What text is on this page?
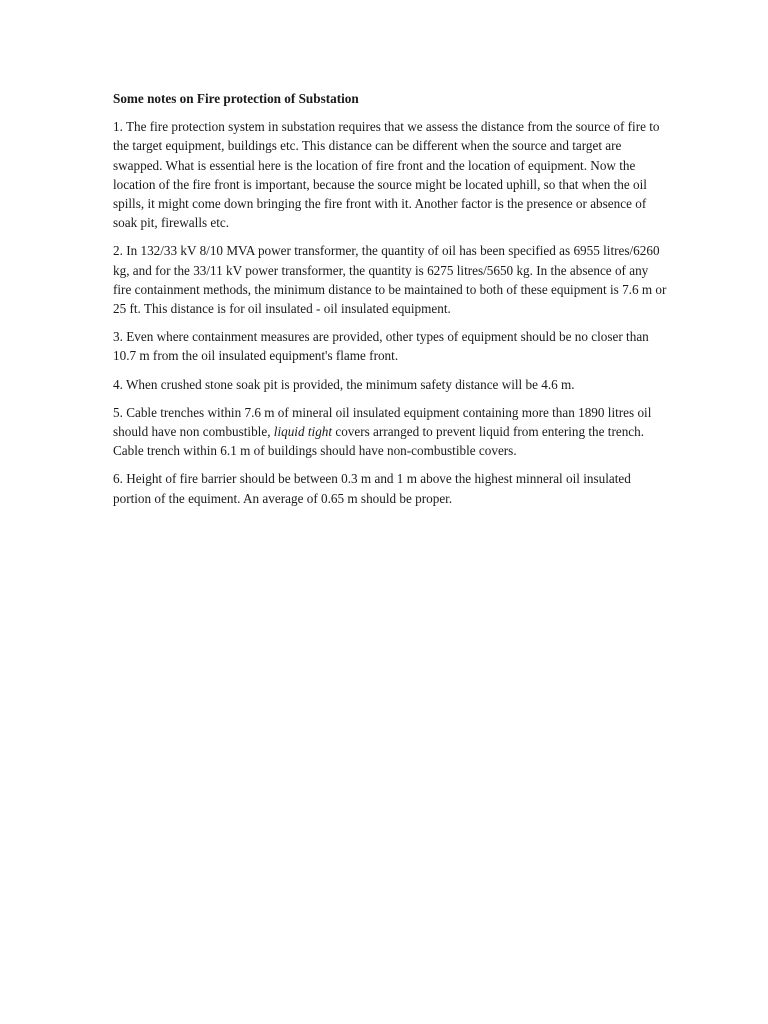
Some notes on Fire protection of Substation

1. The fire protection system in substation requires that we assess the distance from the source of fire to the target equipment, buildings etc. This distance can be different when the source and target are swapped. What is essential here is the location of fire front and the location of equipment. Now the location of the fire front is important, because the source might be located uphill, so that when the oil spills, it might come down bringing the fire front with it. Another factor is the presence or absence of soak pit, firewalls etc.

2. In 132/33 kV 8/10 MVA power transformer, the quantity of oil has been specified as 6955 litres/6260 kg, and for the 33/11 kV power transformer, the quantity is 6275 litres/5650 kg. In the absence of any fire containment methods, the minimum distance to be maintained to both of these equipment is 7.6 m or 25 ft. This distance is for oil insulated - oil insulated equipment.

3. Even where containment measures are provided, other types of equipment should be no closer than 10.7 m from the oil insulated equipment's flame front.

4. When crushed stone soak pit is provided, the minimum safety distance will be 4.6 m.

5. Cable trenches within 7.6 m of mineral oil insulated equipment containing more than 1890 litres oil should have non combustible, liquid tight covers arranged to prevent liquid from entering the trench. Cable trench within 6.1 m of buildings should have non-combustible covers.

6. Height of fire barrier should be between 0.3 m and 1 m above the highest minneral oil insulated portion of the equiment. An average of 0.65 m should be proper.
